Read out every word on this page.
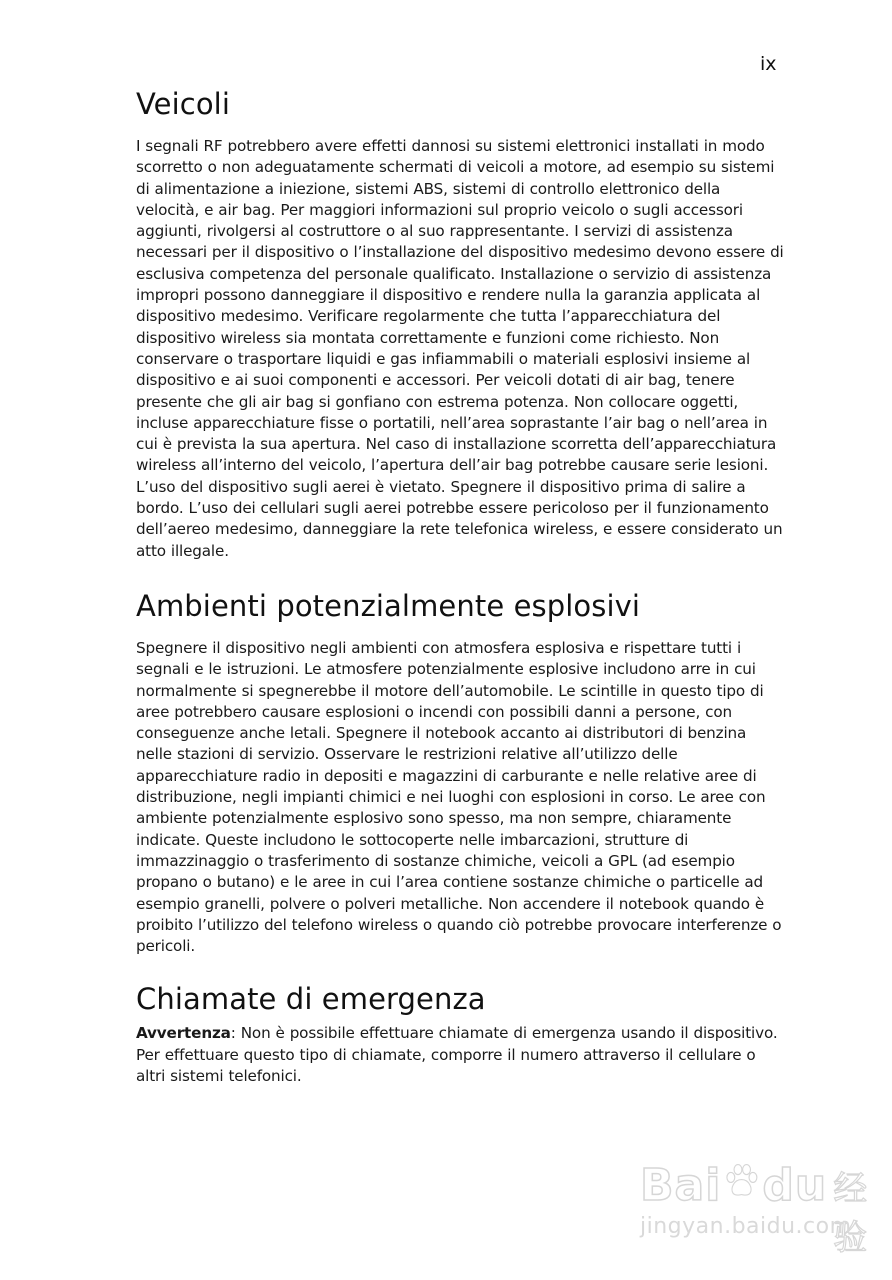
ix
Veicoli

I segnali RF potrebbero avere effetti dannosi su sistemi elettronici installati in modo scorretto o non adeguatamente schermati di veicoli a motore, ad esempio su sistemi di alimentazione a iniezione, sistemi ABS, sistemi di controllo elettronico della velocità, e air bag. Per maggiori informazioni sul proprio veicolo o sugli accessori aggiunti, rivolgersi al costruttore o al suo rappresentante. I servizi di assistenza necessari per il dispositivo o l’installazione del dispositivo medesimo devono essere di esclusiva competenza del personale qualificato. Installazione o servizio di assistenza impropri possono danneggiare il dispositivo e rendere nulla la garanzia applicata al dispositivo medesimo. Verificare regolarmente che tutta l’apparecchiatura del dispositivo wireless sia montata correttamente e funzioni come richiesto. Non conservare o trasportare liquidi e gas infiammabili o materiali esplosivi insieme al dispositivo e ai suoi componenti e accessori. Per veicoli dotati di air bag, tenere presente che gli air bag si gonfiano con estrema potenza. Non collocare oggetti, incluse apparecchiature fisse o portatili, nell’area soprastante l’air bag o nell’area in cui è prevista la sua apertura. Nel caso di installazione scorretta dell’apparecchiatura wireless all’interno del veicolo, l’apertura dell’air bag potrebbe causare serie lesioni. L’uso del dispositivo sugli aerei è vietato. Spegnere il dispositivo prima di salire a bordo. L’uso dei cellulari sugli aerei potrebbe essere pericoloso per il funzionamento dell’aereo medesimo, danneggiare la rete telefonica wireless, e essere considerato un atto illegale.

Ambienti potenzialmente esplosivi

Spegnere il dispositivo negli ambienti con atmosfera esplosiva e rispettare tutti i segnali e le istruzioni. Le atmosfere potenzialmente esplosive includono arre in cui normalmente si spegnerebbe il motore dell’automobile. Le scintille in questo tipo di aree potrebbero causare esplosioni o incendi con possibili danni a persone, con conseguenze anche letali. Spegnere il notebook accanto ai distributori di benzina nelle stazioni di servizio. Osservare le restrizioni relative all’utilizzo delle apparecchiature radio in depositi e magazzini di carburante e nelle relative aree di distribuzione, negli impianti chimici e nei luoghi con esplosioni in corso. Le aree con ambiente potenzialmente esplosivo sono spesso, ma non sempre, chiaramente indicate. Queste includono le sottocoperte nelle imbarcazioni, strutture di immazzinaggio o trasferimento di sostanze chimiche, veicoli a GPL (ad esempio propano o butano) e le aree in cui l’area contiene sostanze chimiche o particelle ad esempio granelli, polvere o polveri metalliche. Non accendere il notebook quando è proibito l’utilizzo del telefono wireless o quando ciò potrebbe provocare interferenze o pericoli.

Chiamate di emergenza

Avvertenza: Non è possibile effettuare chiamate di emergenza usando il dispositivo. Per effettuare questo tipo di chiamate, comporre il numero attraverso il cellulare o altri sistemi telefonici.

Bai du 经验
jingyan.baidu.com
